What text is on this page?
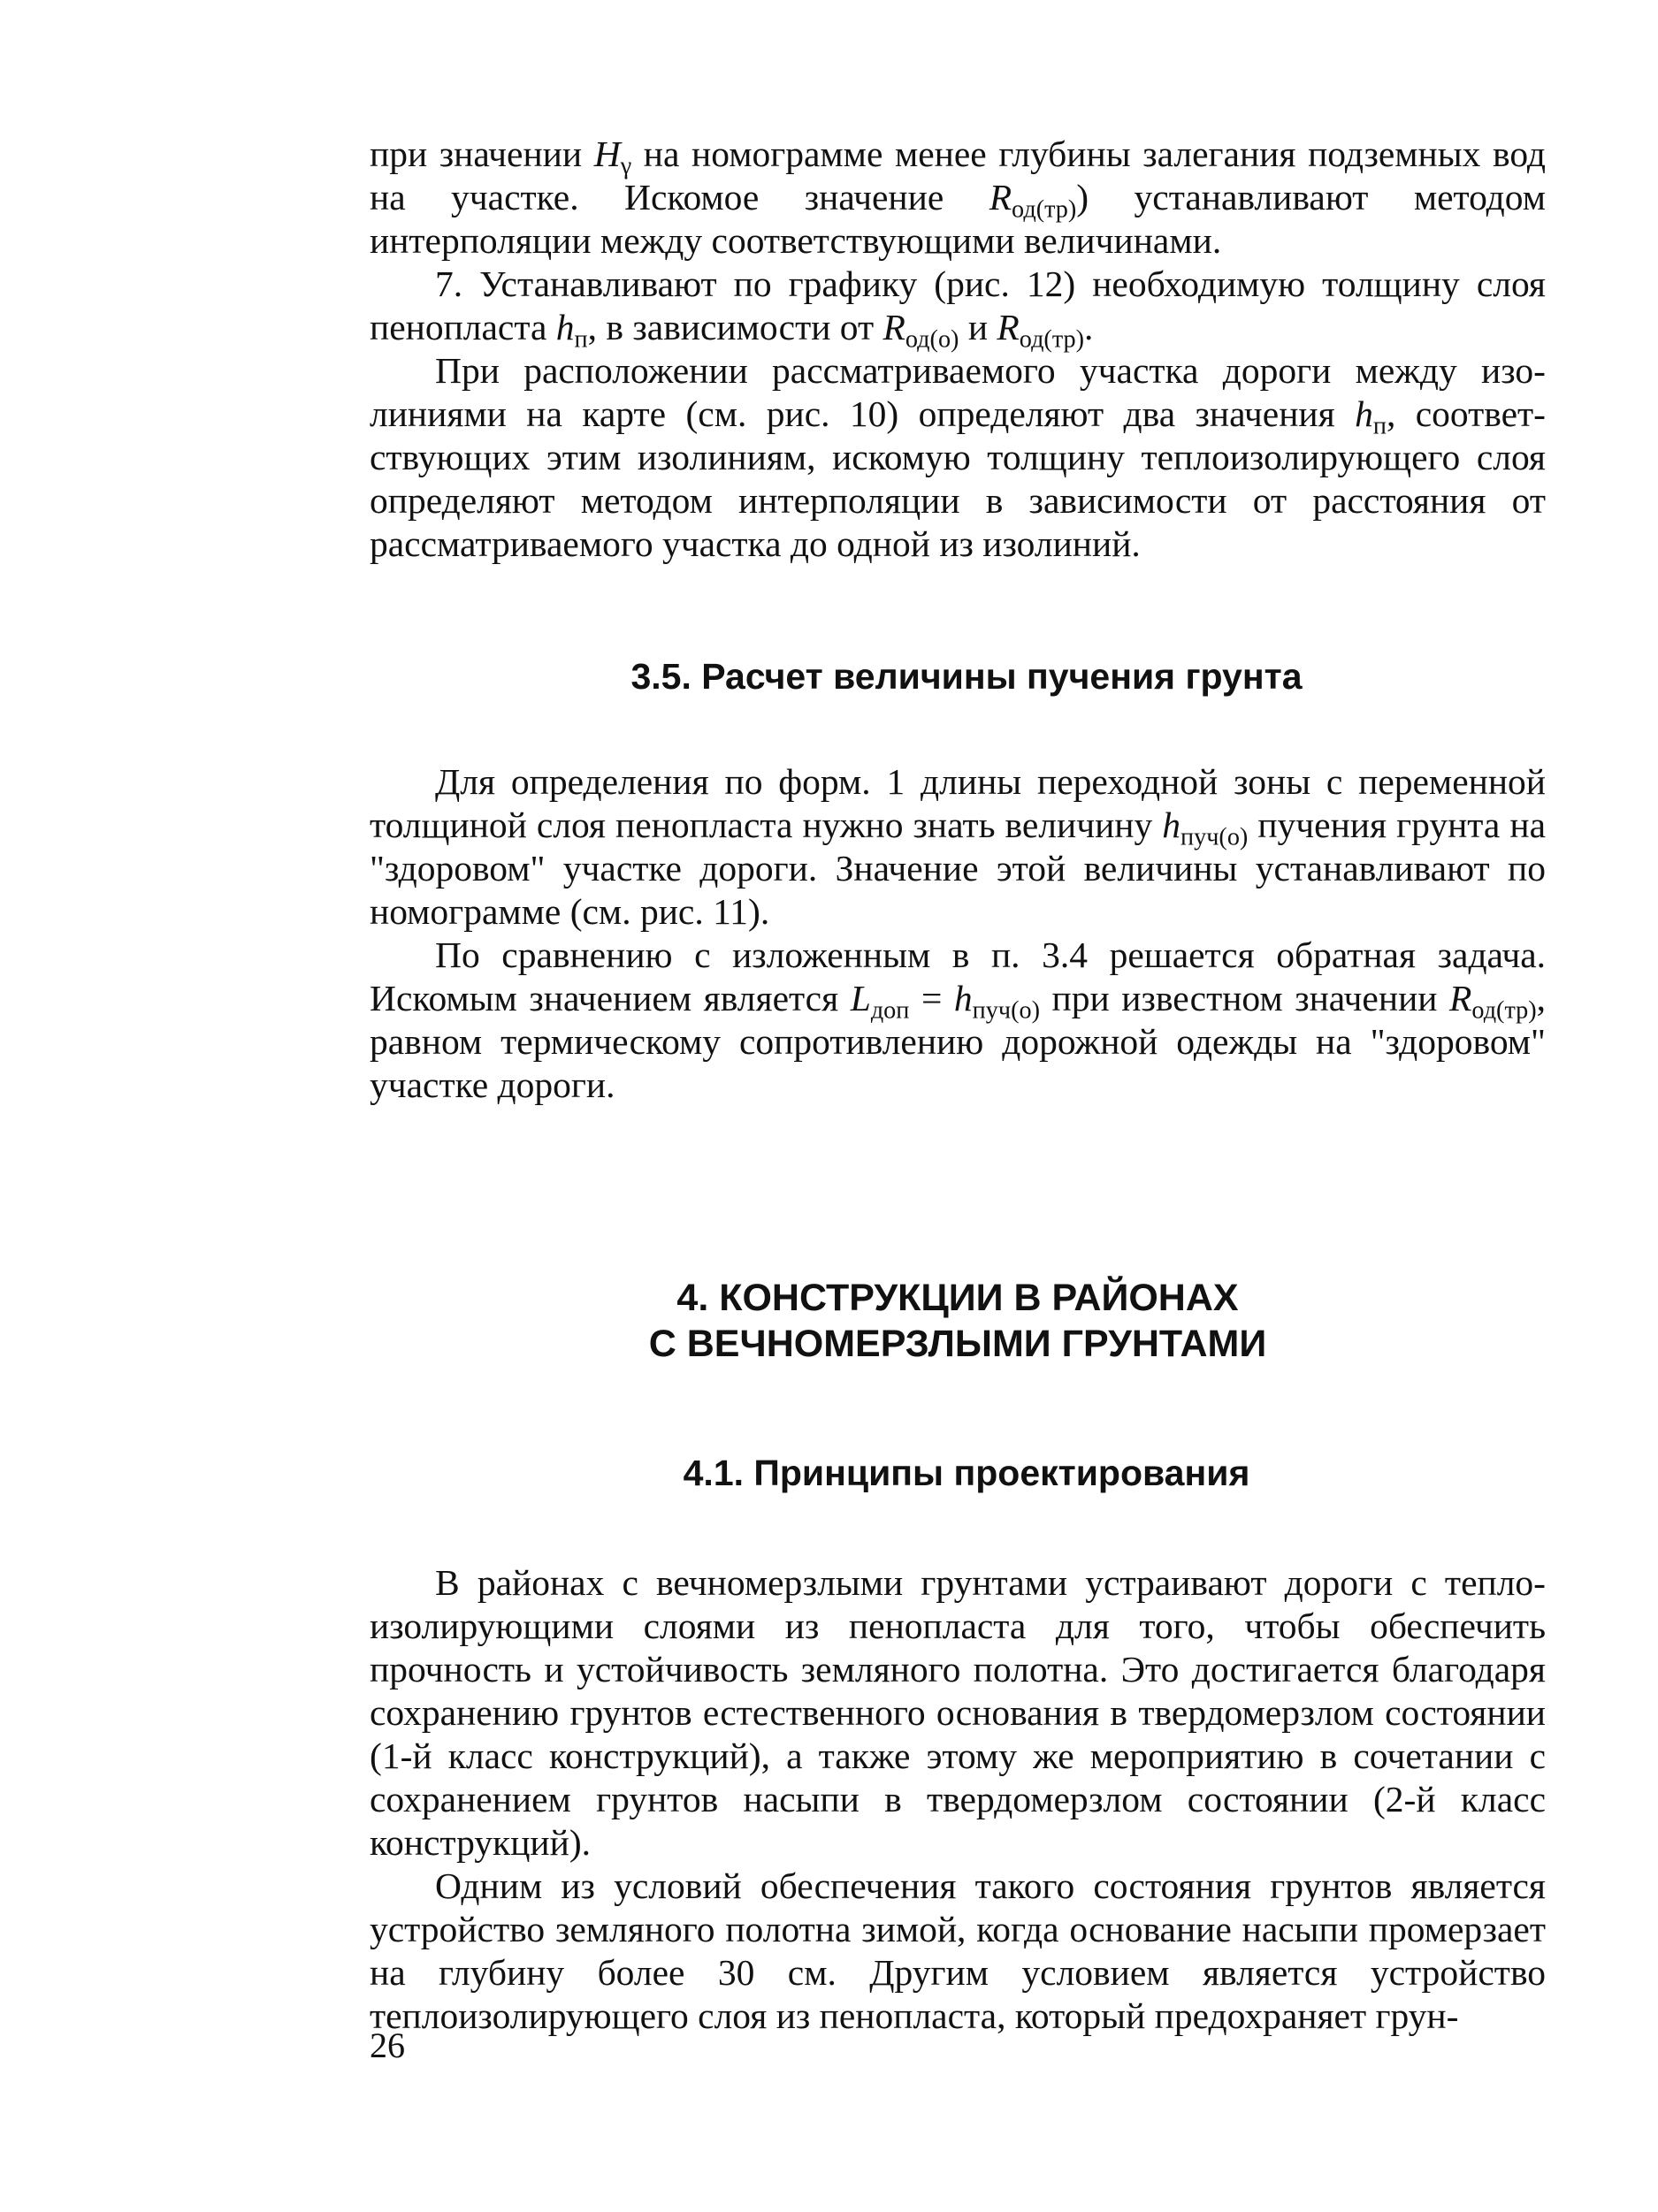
при значении $H_\gamma$ на номограмме менее глубины залегания подземных вод на участке. Искомое значение $R_{од(тр)}$) устанавливают методом интерполяции между соответствующими величинами.

7. Устанавливают по графику (рис. 12) необходимую толщину слоя пенопласта $h_п$, в зависимости от $R_{од(о)}$ и $R_{од(тр)}$.

При расположении рассматриваемого участка дороги между изолиниями на карте (см. рис. 10) определяют два значения $h_п$, соответствующих этим изолиниям, искомую толщину теплоизолирующего слоя определяют методом интерполяции в зависимости от расстояния от рассматриваемого участка до одной из изолиний.

3.5. Расчет величины пучения грунта

Для определения по форм. 1 длины переходной зоны с переменной толщиной слоя пенопласта нужно знать величину $h_{пуч(о)}$ пучения грунта на "здоровом" участке дороги. Значение этой величины устанавливают по номограмме (см. рис. 11).

По сравнению с изложенным в п. 3.4 решается обратная задача. Искомым значением является $L_{доп} = h_{пуч(о)}$ при известном значении $R_{од(тр)}$, равном термическому сопротивлению дорожной одежды на "здоровом" участке дороги.

4. КОНСТРУКЦИИ В РАЙОНАХ
С ВЕЧНОМЕРЗЛЫМИ ГРУНТАМИ
4.1. Принципы проектирования

В районах с вечномерзлыми грунтами устраивают дороги с теплоизолирующими слоями из пенопласта для того, чтобы обеспечить прочность и устойчивость земляного полотна. Это достигается благодаря сохранению грунтов естественного основания в твердомерзлом состоянии (1-й класс конструкций), а также этому же мероприятию в сочетании с сохранением грунтов насыпи в твердомерзлом состоянии (2-й класс конструкций).

Одним из условий обеспечения такого состояния грунтов является устройство земляного полотна зимой, когда основание насыпи промерзает на глубину более 30 см. Другим условием является устройство теплоизолирующего слоя из пенопласта, который предохраняет грун-

26
